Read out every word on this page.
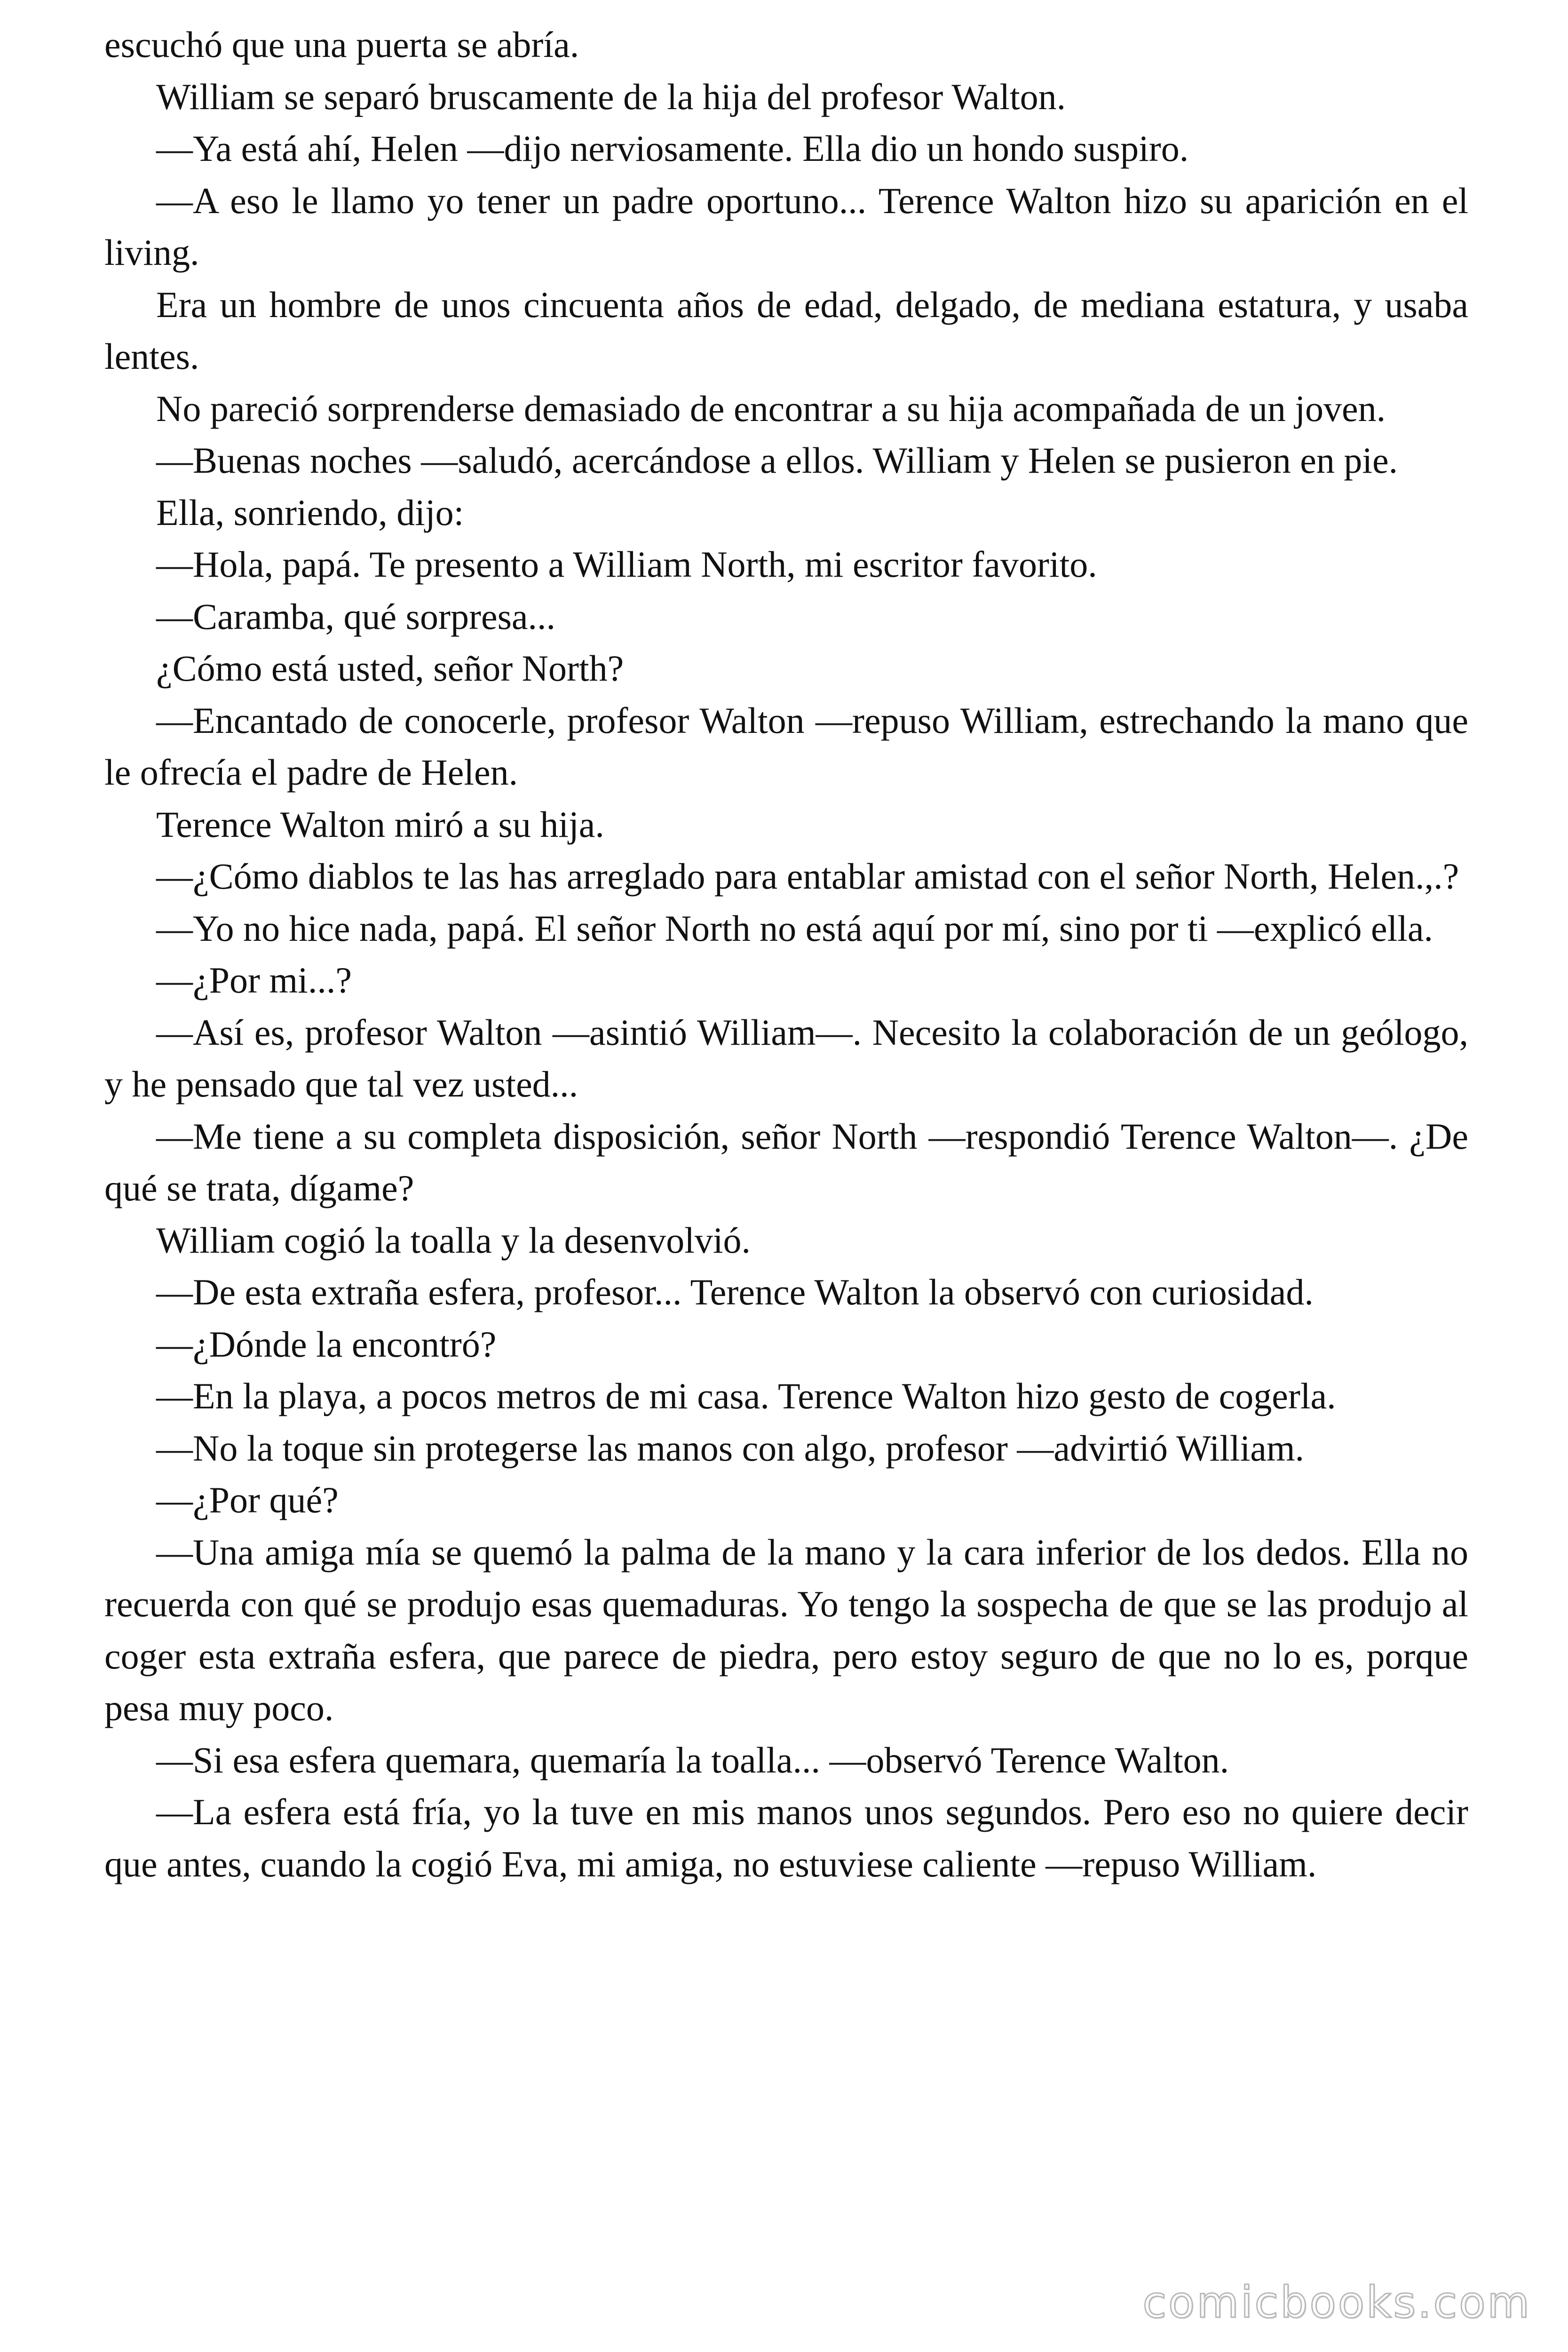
escuchó que una puerta se abría.

William se separó bruscamente de la hija del profesor Walton.

—Ya está ahí, Helen —dijo nerviosamente. Ella dio un hondo suspiro.

—A eso le llamo yo tener un padre oportuno... Terence Walton hizo su aparición en el living.

Era un hombre de unos cincuenta años de edad, delgado, de mediana estatura, y usaba lentes.

No pareció sorprenderse demasiado de encontrar a su hija acompañada de un joven.

—Buenas noches —saludó, acercándose a ellos. William y Helen se pusieron en pie.

Ella, sonriendo, dijo:

—Hola, papá. Te presento a William North, mi escritor favorito.

—Caramba, qué sorpresa...

¿Cómo está usted, señor North?

—Encantado de conocerle, profesor Walton —repuso William, estrechando la mano que le ofrecía el padre de Helen.

Terence Walton miró a su hija.

—¿Cómo diablos te las has arreglado para entablar amistad con el señor North, Helen.,.?

—Yo no hice nada, papá. El señor North no está aquí por mí, sino por ti —explicó ella.

—¿Por mi...?

—Así es, profesor Walton —asintió William—. Necesito la colaboración de un geólogo, y he pensado que tal vez usted...

—Me tiene a su completa disposición, señor North —respondió Terence Walton—. ¿De qué se trata, dígame?

William cogió la toalla y la desenvolvió.

—De esta extraña esfera, profesor... Terence Walton la observó con curiosidad.

—¿Dónde la encontró?

—En la playa, a pocos metros de mi casa. Terence Walton hizo gesto de cogerla.

—No la toque sin protegerse las manos con algo, profesor —advirtió William.

—¿Por qué?

—Una amiga mía se quemó la palma de la mano y la cara inferior de los dedos. Ella no recuerda con qué se produjo esas quemaduras. Yo tengo la sospecha de que se las produjo al coger esta extraña esfera, que parece de piedra, pero estoy seguro de que no lo es, porque pesa muy poco.

—Si esa esfera quemara, quemaría la toalla... —observó Terence Walton.

—La esfera está fría, yo la tuve en mis manos unos segundos. Pero eso no quiere decir que antes, cuando la cogió Eva, mi amiga, no estuviese caliente —repuso William.

comicbooks.com
